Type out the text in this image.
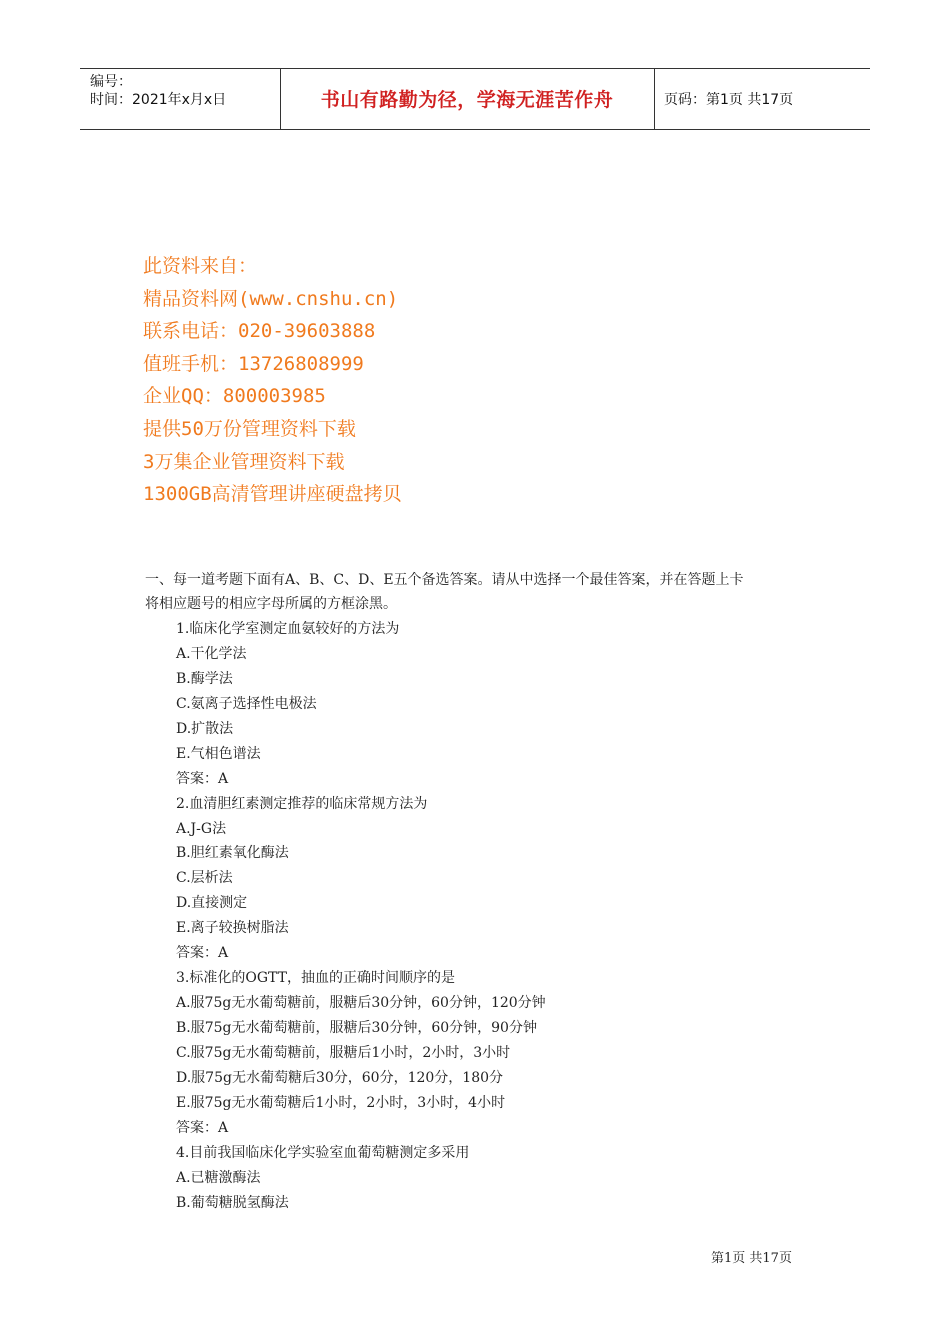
编号：
时间：2021年x月x日	书山有路勤为径，学海无涯苦作舟	页码：第1页 共17页
此资料来自：
精品资料网(www.cnshu.cn)
联系电话：020-39603888
值班手机：13726808999
企业QQ：800003985
提供50万份管理资料下载
3万集企业管理资料下载
1300GB高清管理讲座硬盘拷贝
一、每一道考题下面有A、B、C、D、E五个备选答案。请从中选择一个最佳答案，并在答题上卡
将相应题号的相应字母所属的方框涂黑。
1.临床化学室测定血氨较好的方法为
A.干化学法
B.酶学法
C.氨离子选择性电极法
D.扩散法
E.气相色谱法
答案：A
2.血清胆红素测定推荐的临床常规方法为
A.J-G法
B.胆红素氧化酶法
C.层析法
D.直接测定
E.离子较换树脂法
答案：A
3.标准化的OGTT，抽血的正确时间顺序的是
A.服75g无水葡萄糖前，服糖后30分钟，60分钟，120分钟
B.服75g无水葡萄糖前，服糖后30分钟，60分钟，90分钟
C.服75g无水葡萄糖前，服糖后1小时，2小时，3小时
D.服75g无水葡萄糖后30分，60分，120分，180分
E.服75g无水葡萄糖后1小时，2小时，3小时，4小时
答案：A
4.目前我国临床化学实验室血葡萄糖测定多采用
A.已糖激酶法
B.葡萄糖脱氢酶法
第1页 共17页
